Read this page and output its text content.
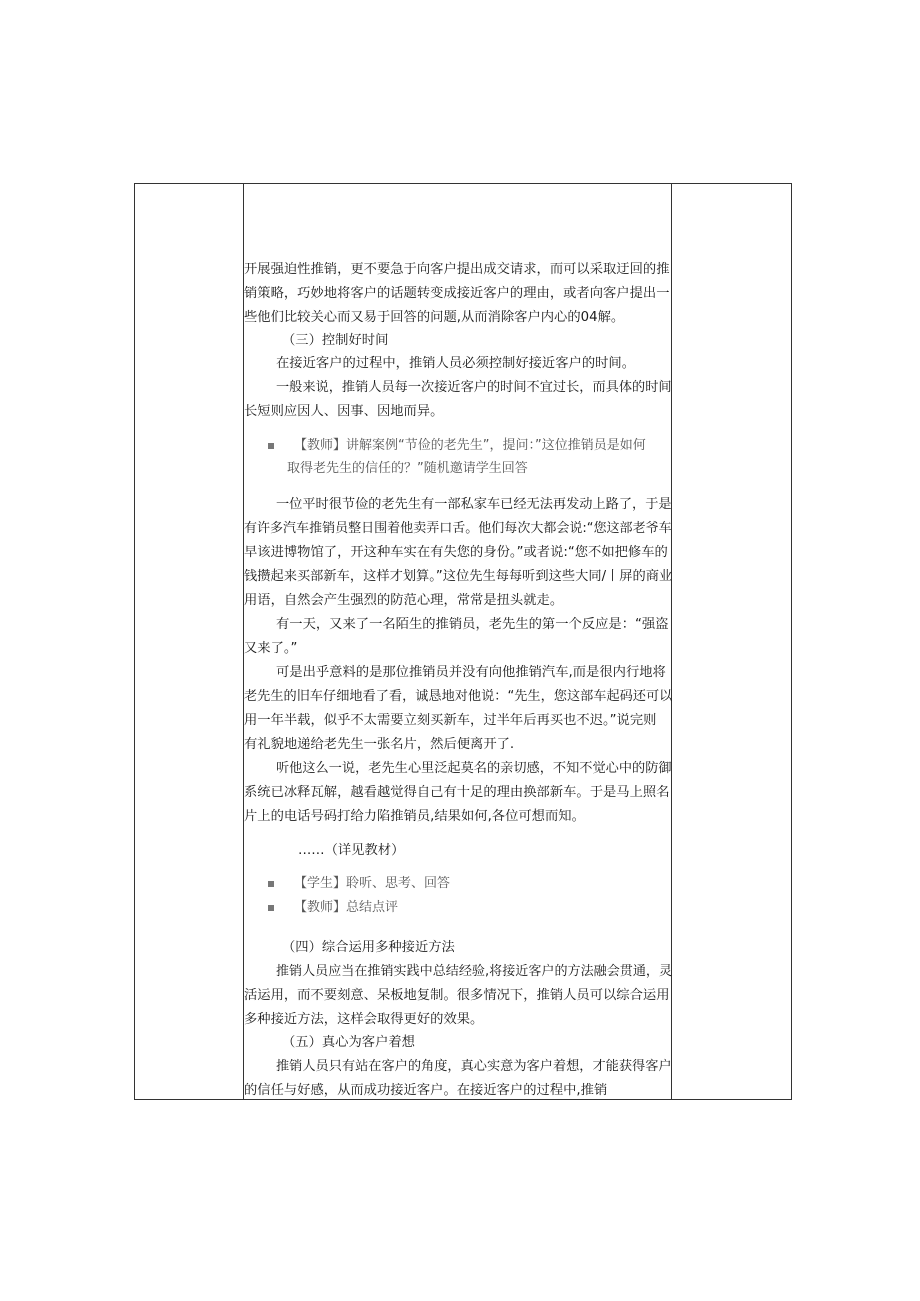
开展强迫性推销，更不要急于向客户提出成交请求，而可以采取迂回的推
销策略，巧妙地将客户的话题转变成接近客户的理由，或者向客户提出一
些他们比较关心而又易于回答的问题,从而消除客户内心的04解。
（三）控制好时间
在接近客户的过程中，推销人员必须控制好接近客户的时间。
一般来说，推销人员每一次接近客户的时间不宜过长，而具体的时间
长短则应因人、因事、因地而异。
【教师】讲解案例“节俭的老先生”，提问：”这位推销员是如何
取得老先生的信任的？”随机邀请学生回答
一位平时很节俭的老先生有一部私家车已经无法再发动上路了，于是
有许多汽车推销员整日围着他卖弄口舌。他们每次大都会说:“您这部老爷车
早该进博物馆了，开这种车实在有失您的身份。”或者说:“您不如把修车的
钱攒起来买部新车，这样才划算。”这位先生每每听到这些大同/丨屏的商业
用语，自然会产生强烈的防范心理，常常是扭头就走。
有一天，又来了一名陌生的推销员，老先生的第一个反应是：“强盗
又来了。”
可是出乎意料的是那位推销员并没有向他推销汽车,而是很内行地将
老先生的旧车仔细地看了看，诚恳地对他说：“先生，您这部车起码还可以
用一年半载，似乎不太需要立刻买新车，过半年后再买也不迟。”说完则
有礼貌地递给老先生一张名片，然后便离开了.
听他这么一说，老先生心里泛起莫名的亲切感，不知不觉心中的防御
系统已冰释瓦解，越看越觉得自己有十足的理由换部新车。于是马上照名
片上的电话号码打给力陷推销员,结果如何,各位可想而知。
……（详见教材）
【学生】聆听、思考、回答
【教师】总结点评
（四）综合运用多种接近方法
推销人员应当在推销实践中总结经验,将接近客户的方法融会贯通，灵
活运用，而不要刻意、呆板地复制。很多情况下，推销人员可以综合运用
多种接近方法，这样会取得更好的效果。
（五）真心为客户着想
推销人员只有站在客户的角度，真心实意为客户着想，才能获得客户
的信任与好感，从而成功接近客户。在接近客户的过程中,推销
